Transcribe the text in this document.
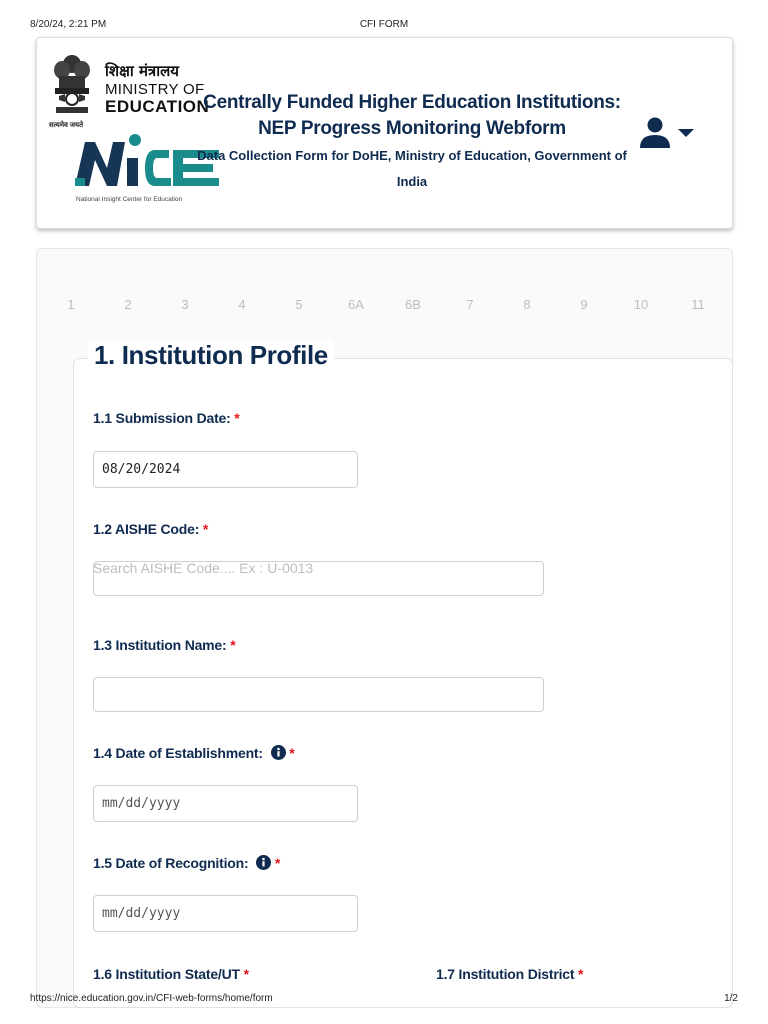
8/20/24, 2:21 PM	CFI FORM
सत्यमेव जयते
शिक्षा मंत्रालय
MINISTRY OF
EDUCATION
National Insight Center for Education
Centrally Funded Higher Education Institutions:
NEP Progress Monitoring Webform
Data Collection Form for DoHE, Ministry of Education, Government of
India
1	2	3	4	5	6A	6B	7	8	9	10	11
1. Institution Profile
1.1 Submission Date: *
08/20/2024
1.2 AISHE Code: *
Search AISHE Code.... Ex : U-0013
1.3 Institution Name: *
1.4 Date of Establishment: *
mm/dd/yyyy
1.5 Date of Recognition: *
mm/dd/yyyy
1.6 Institution State/UT *	1.7 Institution District *
https://nice.education.gov.in/CFI-web-forms/home/form	1/2
